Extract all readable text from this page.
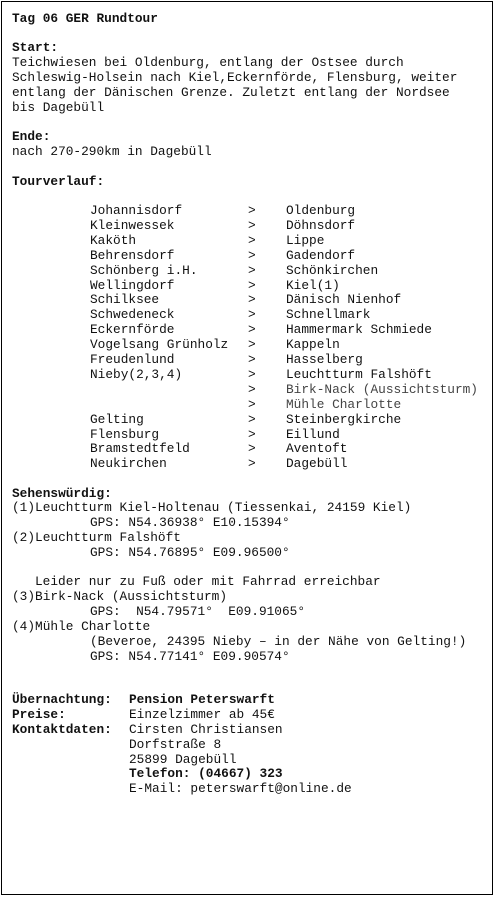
Tag 06 GER Rundtour
Start:
Teichwiesen bei Oldenburg, entlang der Ostsee durch
Schleswig-Holsein nach Kiel,Eckernförde, Flensburg, weiter
entlang der Dänischen Grenze. Zuletzt entlang der Nordsee
bis Dagebüll
Ende:
nach 270-290km in Dagebüll
Tourverlauf:
Johannisdorf	> Oldenburg
Kleinwessek	> Döhnsdorf
Kaköth	> Lippe
Behrensdorf	> Gadendorf
Schönberg i.H.	> Schönkirchen
Wellingdorf	> Kiel(1)
Schilksee	> Dänisch Nienhof
Schwedeneck	> Schnellmark
Eckernförde	> Hammermark Schmiede
Vogelsang Grünholz > Kappeln
Freudenlund	> Hasselberg
Nieby(2,3,4)	> Leuchtturm Falshöft
> Birk-Nack (Aussichtsturm)
> Mühle Charlotte
Gelting	> Steinbergkirche
Flensburg	> Eillund
Bramstedtfeld	> Aventoft
Neukirchen	> Dagebüll
Sehenswürdig:
(1)Leuchtturm Kiel-Holtenau (Tiessenkai, 24159 Kiel)
GPS: N54.36938° E10.15394°
(2)Leuchtturm Falshöft
GPS: N54.76895° E09.96500°
Leider nur zu Fuß oder mit Fahrrad erreichbar
(3)Birk-Nack (Aussichtsturm)
GPS:  N54.79571°  E09.91065°
(4)Mühle Charlotte
(Beveroe, 24395 Nieby – in der Nähe von Gelting!)
GPS: N54.77141° E09.90574°
Übernachtung: Pension Peterswarft
Preise:	Einzelzimmer ab 45€
Kontaktdaten: Cirsten Christiansen
Dorfstraße 8
25899 Dagebüll
Telefon: (04667) 323
E-Mail: peterswarft@online.de
